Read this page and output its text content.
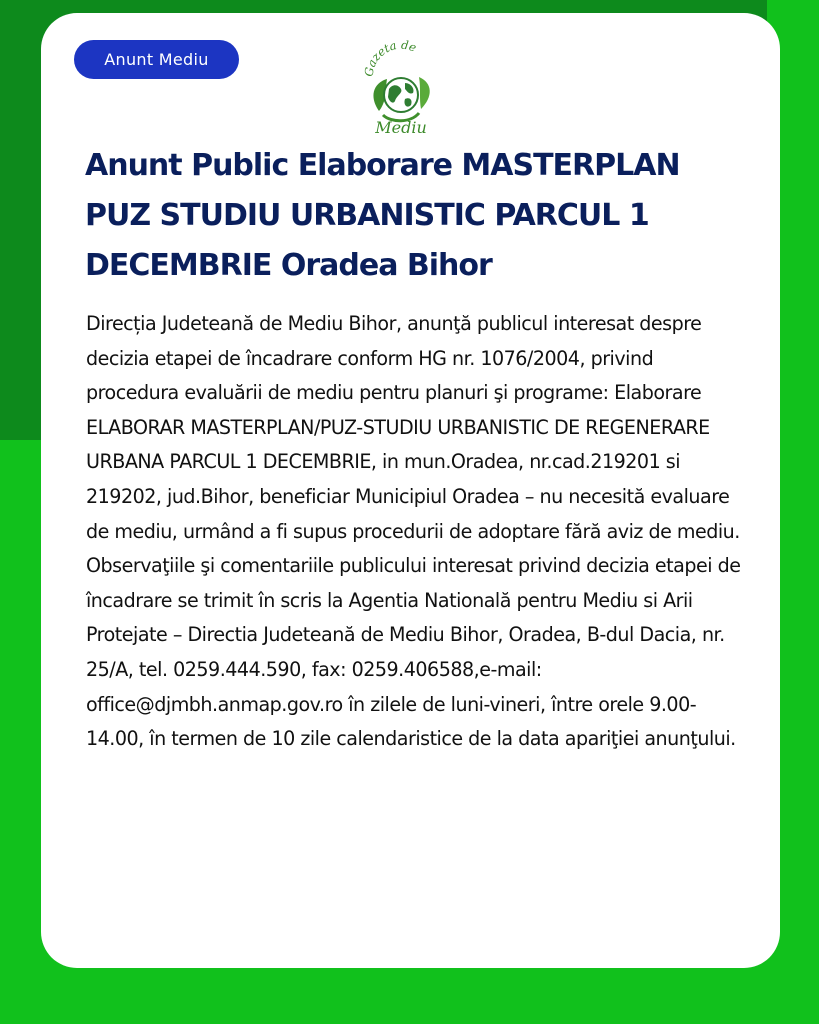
Anunt Mediu
Gazeta de
Mediu
Anunt Public Elaborare MASTERPLAN PUZ STUDIU URBANISTIC PARCUL 1 DECEMBRIE Oradea Bihor

Direcția Judeteană de Mediu Bihor, anunţă publicul interesat despre decizia etapei de încadrare conform HG nr. 1076/2004, privind procedura evaluării de mediu pentru planuri şi programe: Elaborare ELABORAR MASTERPLAN/PUZ-STUDIU URBANISTIC DE REGENERARE URBANA PARCUL 1 DECEMBRIE, in mun.Oradea, nr.cad.219201 si 219202, jud.Bihor, beneficiar Municipiul Oradea – nu necesită evaluare de mediu, urmând a fi supus procedurii de adoptare fără aviz de mediu. Observaţiile şi comentariile publicului interesat privind decizia etapei de încadrare se trimit în scris la Agentia Natională pentru Mediu si Arii Protejate – Directia Judeteană de Mediu Bihor, Oradea, B-dul Dacia, nr. 25/A, tel. 0259.444.590, fax: 0259.406588,e-mail: office@djmbh.anmap.gov.ro în zilele de luni-vineri, între orele 9.00-14.00, în termen de 10 zile calendaristice de la data apariţiei anunţului.
